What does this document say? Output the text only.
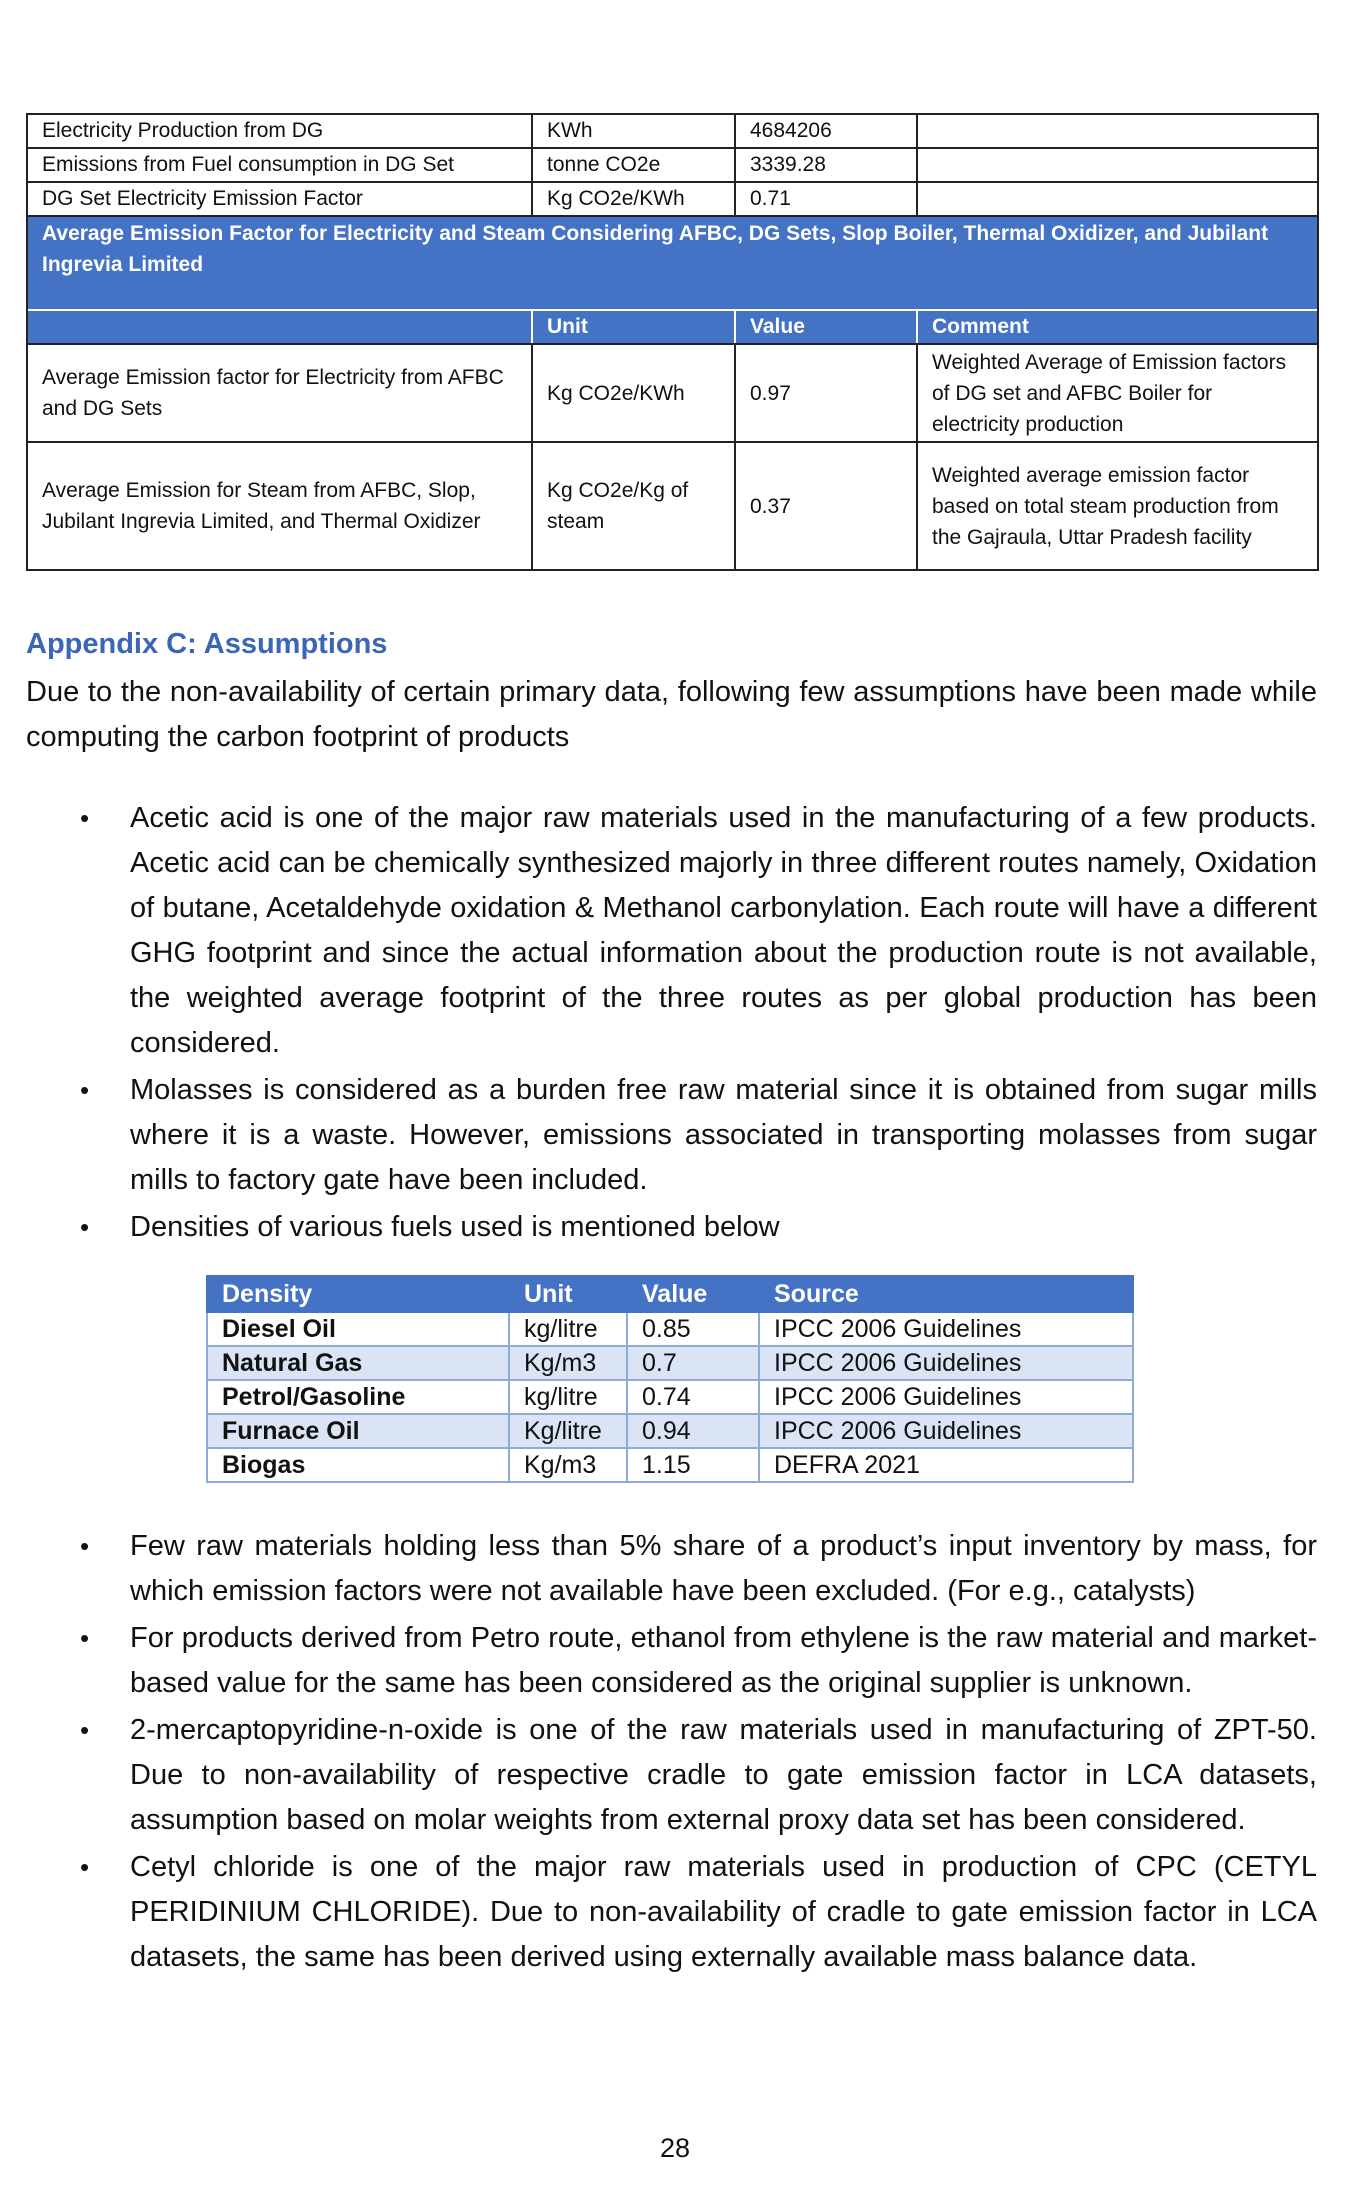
Electricity Production from DG	KWh	4684206	
Emissions from Fuel consumption in DG Set	tonne CO2e	3339.28	
DG Set Electricity Emission Factor	Kg CO2e/KWh	0.71	
Average Emission Factor for Electricity and Steam Considering AFBC, DG Sets, Slop Boiler, Thermal Oxidizer, and Jubilant Ingrevia Limited			
	Unit	Value	Comment
Average Emission factor for Electricity from AFBC and DG Sets	Kg CO2e/KWh	0.97	Weighted Average of Emission factors of DG set and AFBC Boiler for electricity production
Average Emission for Steam from AFBC, Slop, Jubilant Ingrevia Limited, and Thermal Oxidizer	Kg CO2e/Kg of steam	0.37	Weighted average emission factor based on total steam production from the Gajraula, Uttar Pradesh facility
Appendix C: Assumptions
Due to the non-availability of certain primary data, following few assumptions have been made while computing the carbon footprint of products
• Acetic acid is one of the major raw materials used in the manufacturing of a few products. Acetic acid can be chemically synthesized majorly in three different routes namely, Oxidation of butane, Acetaldehyde oxidation & Methanol carbonylation. Each route will have a different GHG footprint and since the actual information about the production route is not available, the weighted average footprint of the three routes as per global production has been considered.
• Molasses is considered as a burden free raw material since it is obtained from sugar mills where it is a waste. However, emissions associated in transporting molasses from sugar mills to factory gate have been included.
• Densities of various fuels used is mentioned below
Density	Unit	Value	Source
Diesel Oil	kg/litre	0.85	IPCC 2006 Guidelines
Natural Gas	Kg/m3	0.7	IPCC 2006 Guidelines
Petrol/Gasoline	kg/litre	0.74	IPCC 2006 Guidelines
Furnace Oil	Kg/litre	0.94	IPCC 2006 Guidelines
Biogas	Kg/m3	1.15	DEFRA 2021
• Few raw materials holding less than 5% share of a product’s input inventory by mass, for which emission factors were not available have been excluded. (For e.g., catalysts)
• For products derived from Petro route, ethanol from ethylene is the raw material and market-based value for the same has been considered as the original supplier is unknown.
• 2-mercaptopyridine-n-oxide is one of the raw materials used in manufacturing of ZPT-50. Due to non-availability of respective cradle to gate emission factor in LCA datasets, assumption based on molar weights from external proxy data set has been considered.
• Cetyl chloride is one of the major raw materials used in production of CPC (CETYL PERIDINIUM CHLORIDE). Due to non-availability of cradle to gate emission factor in LCA datasets, the same has been derived using externally available mass balance data.
28
